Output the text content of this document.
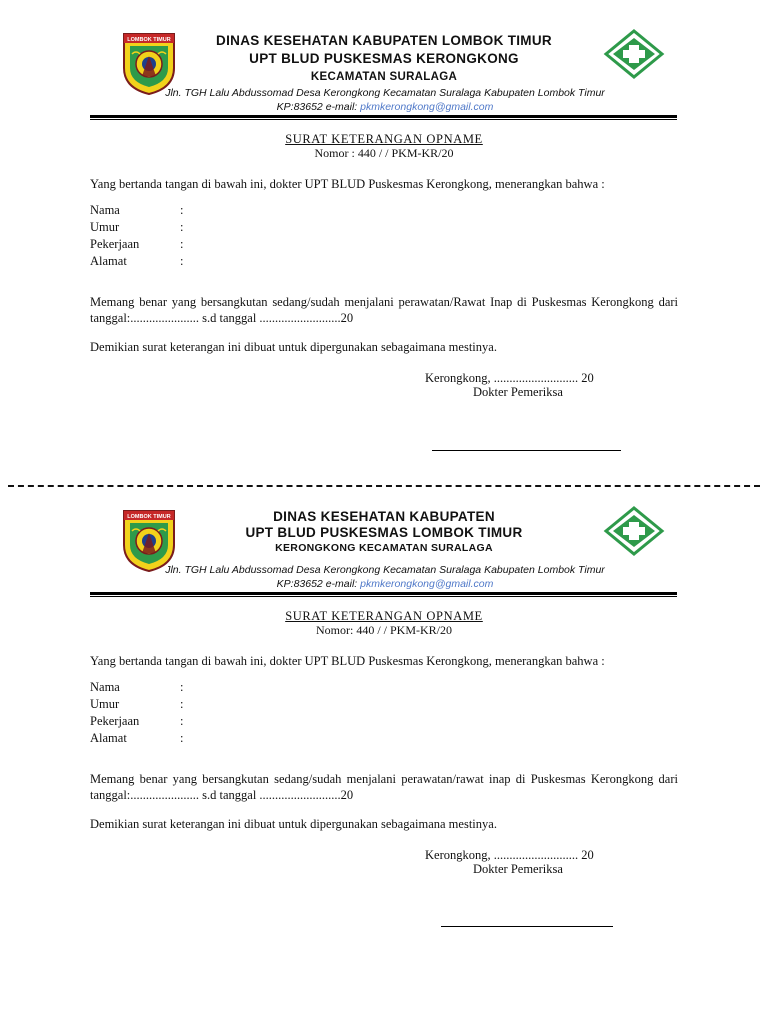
LOMBOK TIMUR	DINAS KESEHATAN KABUPATEN LOMBOK TIMUR
UPT BLUD PUSKESMAS KERONGKONG
KECAMATAN SURALAGA
Jln. TGH Lalu Abdussomad Desa Kerongkong Kecamatan Suralaga Kabupaten Lombok Timur
KP:83652 e-mail: pkmkerongkong@gmail.com
SURAT KETERANGAN OPNAME
Nomor : 440 / / PKM-KR/20
Yang bertanda tangan di bawah ini, dokter UPT BLUD Puskesmas Kerongkong, menerangkan bahwa :
Nama	:
Umur	:
Pekerjaan	:
Alamat	:
Memang benar yang bersangkutan sedang/sudah menjalani perawatan/Rawat Inap di Puskesmas Kerongkong dari tanggal:...................... s.d tanggal ..........................20
Demikian surat keterangan ini dibuat untuk dipergunakan sebagaimana mestinya.
Kerongkong, ........................... 20
Dokter Pemeriksa
LOMBOK TIMUR	DINAS KESEHATAN KABUPATEN
UPT BLUD PUSKESMAS LOMBOK TIMUR
KERONGKONG KECAMATAN SURALAGA
Jln. TGH Lalu Abdussomad Desa Kerongkong Kecamatan Suralaga Kabupaten Lombok Timur
KP:83652 e-mail: pkmkerongkong@gmail.com
SURAT KETERANGAN OPNAME
Nomor: 440 / / PKM-KR/20
Yang bertanda tangan di bawah ini, dokter UPT BLUD Puskesmas Kerongkong, menerangkan bahwa :
Nama	:
Umur	:
Pekerjaan	:
Alamat	:
Memang benar yang bersangkutan sedang/sudah menjalani perawatan/rawat inap di Puskesmas Kerongkong dari tanggal:...................... s.d tanggal ..........................20
Demikian surat keterangan ini dibuat untuk dipergunakan sebagaimana mestinya.
Kerongkong, ........................... 20
Dokter Pemeriksa
